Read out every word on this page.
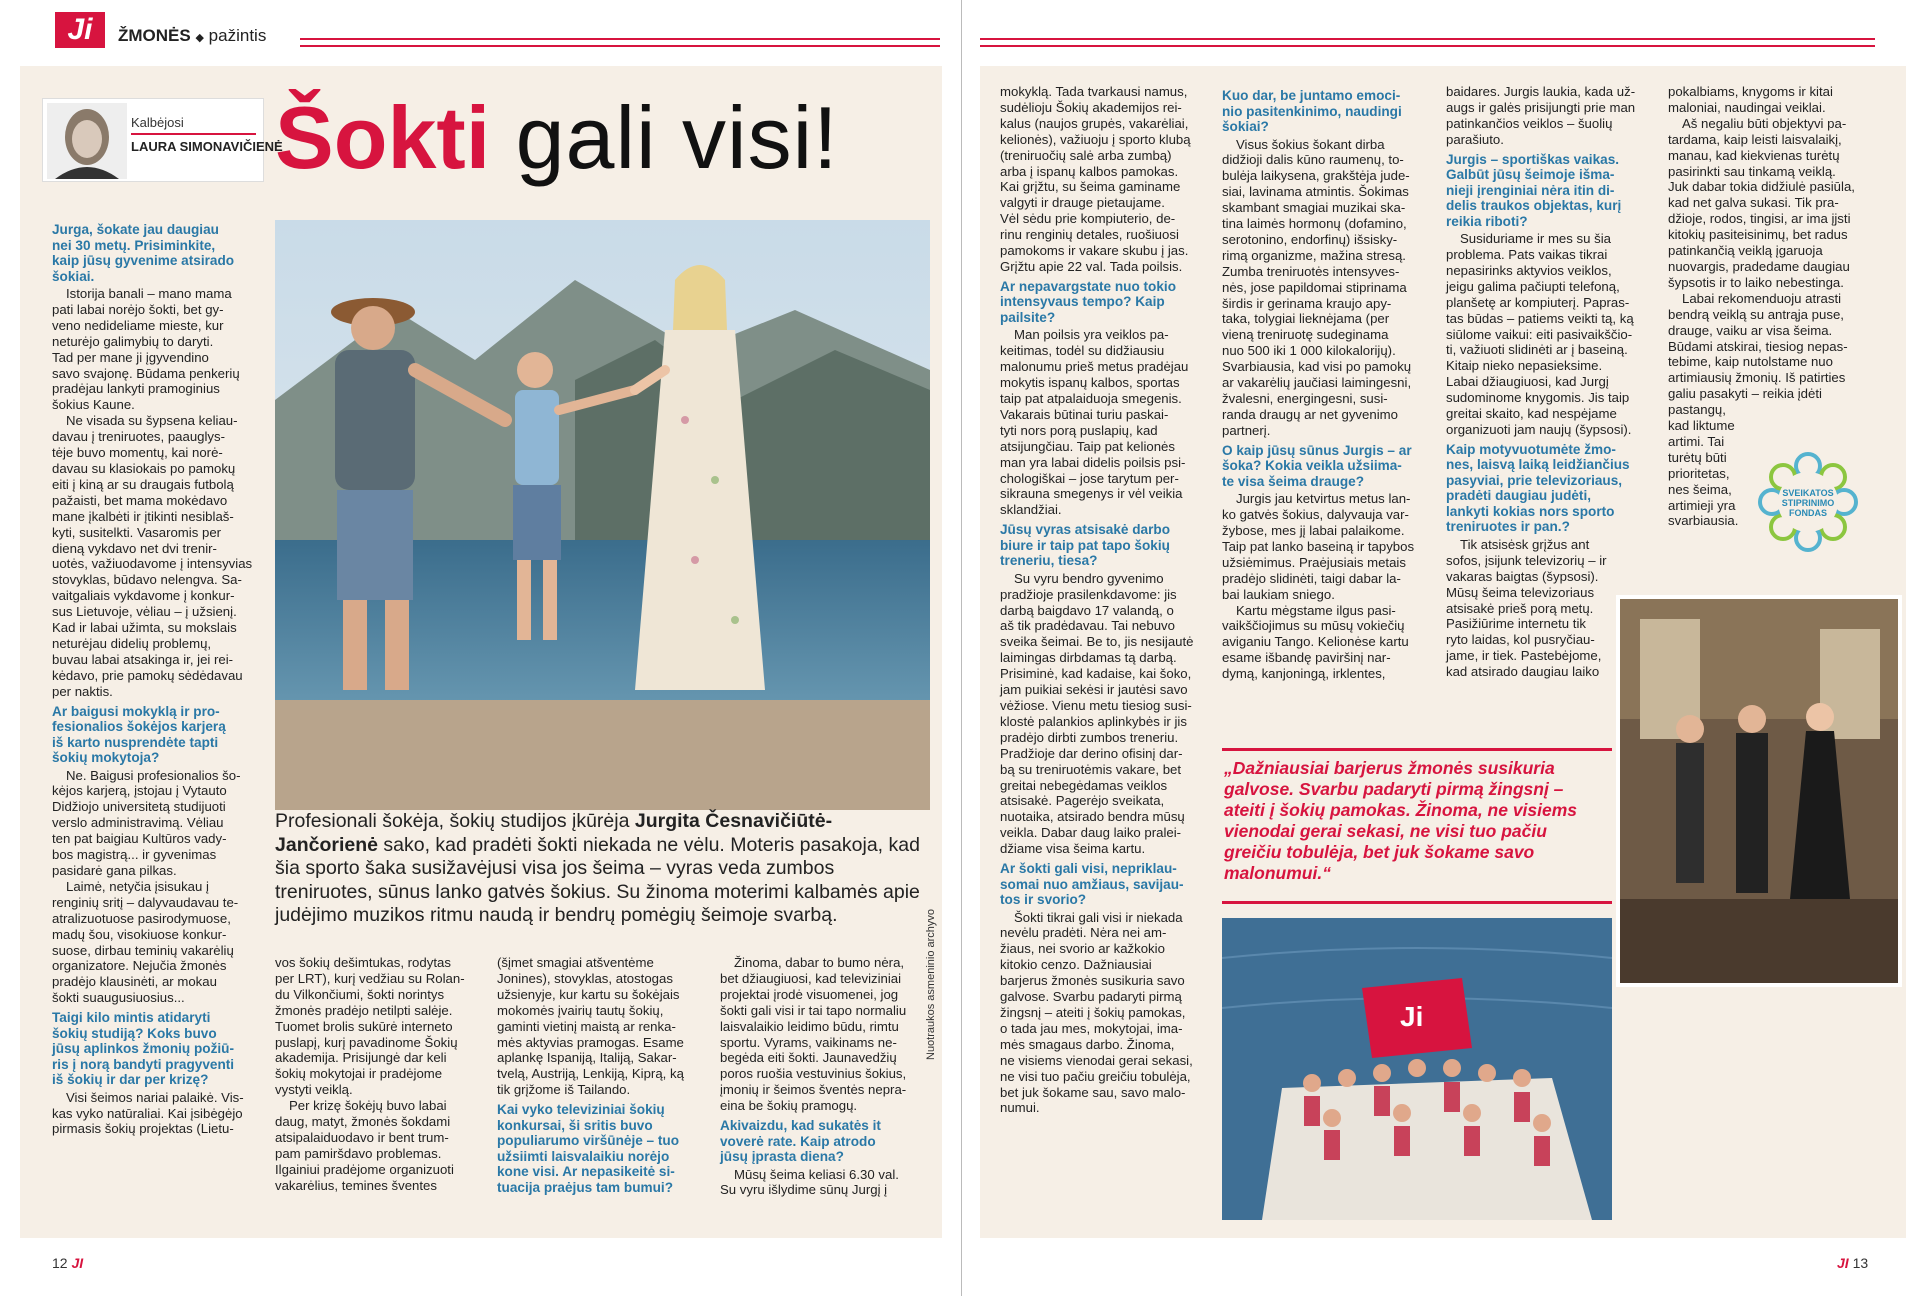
Ji	ŽMONĖS ◆ pažintis
Kalbėjosi
LAURA SIMONAVIČIENĖ
Šokti gali visi!
Profesionali šokėja, šokių studijos įkūrėja Jurgita Česnavičiūtė-Jančorienė sako, kad pradėti šokti niekada ne vėlu. Moteris pasakoja, kad šia sporto šaka susižavėjusi visa jos šeima – vyras veda zumbos treniruotes, sūnus lanko gatvės šokius. Su žinoma moterimi kalbamės apie judėjimo muzikos ritmu naudą ir bendrų pomėgių šeimoje svarbą.
Jurga, šokate jau daugiau
nei 30 metų. Prisiminkite,
kaip jūsų gyvenime atsirado
šokiai.

Istorija banali – mano mama
pati labai norėjo šokti, bet gy-
veno nedideliame mieste, kur
neturėjo galimybių to daryti.
Tad per mane ji įgyvendino
savo svajonę. Būdama penkerių
pradėjau lankyti pramoginius
šokius Kaune.

Ne visada su šypsena keliau-
davau į treniruotes, paauglys-
tėje buvo momentų, kai norė-
davau su klasiokais po pamokų
eiti į kiną ar su draugais futbolą
pažaisti, bet mama mokėdavo
mane įkalbėti ir įtikinti nesiblaš-
kyti, susitelkti. Vasaromis per
dieną vykdavo net dvi trenir-
uotės, važiuodavome į intensyvias
stovyklas, būdavo nelengva. Sa-
vaitgaliais vykdavome į konkur-
sus Lietuvoje, vėliau – į užsienį.
Kad ir labai užimta, su mokslais
neturėjau didelių problemų,
buvau labai atsakinga ir, jei rei-
kėdavo, prie pamokų sėdėdavau
per naktis.

Ar baigusi mokyklą ir pro-
fesionalios šokėjos karjerą
iš karto nusprendėte tapti
šokių mokytoja?

Ne. Baigusi profesionalios šo-
kėjos karjerą, įstojau į Vytauto
Didžiojo universitetą studijuoti
verslo administravimą. Vėliau
ten pat baigiau Kultūros vady-
bos magistrą... ir gyvenimas
pasidarė gana pilkas.

Laimė, netyčia įsisukau į
renginių sritį – dalyvaudavau te-
atralizuotuose pasirodymuose,
madų šou, visokiuose konkur-
suose, dirbau teminių vakarėlių
organizatore. Nejučia žmonės
pradėjo klausinėti, ar mokau
šokti suaugusiuosius...

Taigi kilo mintis atidaryti
šokių studiją? Koks buvo
jūsų aplinkos žmonių požiū-
ris į norą bandyti pragyventi
iš šokių ir dar per krizę?

Visi šeimos nariai palaikė. Vis-
kas vyko natūraliai. Kai įsibėgėjo
pirmasis šokių projektas (Lietu-

vos šokių dešimtukas, rodytas
per LRT), kurį vedžiau su Rolan-
du Vilkončiumi, šokti norintys
žmonės pradėjo netilpti salėje.
Tuomet brolis sukūrė interneto
puslapį, kurį pavadinome Šokių
akademija. Prisijungė dar keli
šokių mokytojai ir pradėjome
vystyti veiklą.

Per krizę šokėjų buvo labai
daug, matyt, žmonės šokdami
atsipalaiduodavo ir bent trum-
pam pamiršdavo problemas.
Ilgainiui pradėjome organizuoti
vakarėlius, temines šventes

(šįmet smagiai atšventėme
Jonines), stovyklas, atostogas
užsienyje, kur kartu su šokėjais
mokomės įvairių tautų šokių,
gaminti vietinį maistą ar renka-
mės aktyvias pramogas. Esame
aplankę Ispaniją, Italiją, Sakar-
tvelą, Austriją, Lenkiją, Kiprą, ką
tik grįžome iš Tailando.
Kai vyko televiziniai šokių
konkursai, ši sritis buvo
populiarumo viršūnėje – tuo
užsiimti laisvalaikiu norėjo
kone visi. Ar nepasikeitė si-
tuacija praėjus tam bumui?

Žinoma, dabar to bumo nėra,
bet džiaugiuosi, kad televiziniai
projektai įrodė visuomenei, jog
šokti gali visi ir tai tapo normaliu
laisvalaikio leidimo būdu, rimtu
sportu. Vyrams, vaikinams ne-
begėda eiti šokti. Jaunavedžių
poros ruošia vestuvinius šokius,
įmonių ir šeimos šventės nepra-
eina be šokių pramogų.

Akivaizdu, kad sukatės it
voverė rate. Kaip atrodo
jūsų įprasta diena?

Mūsų šeima keliasi 6.30 val.
Su vyru išlydime sūnų Jurgį į

Nuotraukos asmeninio archyvo
mokyklą. Tada tvarkausi namus,
sudėlioju Šokių akademijos rei-
kalus (naujos grupės, vakarėliai,
kelionės), važiuoju į sporto klubą
(treniruočių salė arba zumbą)
arba į ispanų kalbos pamokas.
Kai grįžtu, su šeima gaminame
valgyti ir drauge pietaujame.
Vėl sėdu prie kompiuterio, de-
rinu renginių detales, ruošiuosi
pamokoms ir vakare skubu į jas.
Grįžtu apie 22 val. Tada poilsis.
Ar nepavargstate nuo tokio
intensyvaus tempo? Kaip
pailsite?

Man poilsis yra veiklos pa-
keitimas, todėl su didžiausiu
malonumu prieš metus pradėjau
mokytis ispanų kalbos, sportas
taip pat atpalaiduoja smegenis.
Vakarais būtinai turiu paskai-
tyti nors porą puslapių, kad
atsijungčiau. Taip pat kelionės
man yra labai didelis poilsis psi-
chologiškai – jose tarytum per-
sikrauna smegenys ir vėl veikia
sklandžiai.

Jūsų vyras atsisakė darbo
biure ir taip pat tapo šokių
treneriu, tiesa?

Su vyru bendro gyvenimo
pradžioje prasilenkdavome: jis
darbą baigdavo 17 valandą, o
aš tik pradėdavau. Tai nebuvo
sveika šeimai. Be to, jis nesijautė
laimingas dirbdamas tą darbą.
Prisiminė, kad kadaise, kai šoko,
jam puikiai sekėsi ir jautėsi savo
vėžiose. Vienu metu tiesiog susi-
klostė palankios aplinkybės ir jis
pradėjo dirbti zumbos treneriu.
Pradžioje dar derino ofisinį dar-
bą su treniruotėmis vakare, bet
greitai nebegėdamas veiklos
atsisakė. Pagerėjo sveikata,
nuotaika, atsirado bendra mūsų
veikla. Dabar daug laiko pralei-
džiame visa šeima kartu.

Ar šokti gali visi, nepriklau-
somai nuo amžiaus, savijau-
tos ir svorio?

Šokti tikrai gali visi ir niekada
nevėlu pradėti. Nėra nei am-
žiaus, nei svorio ar kažkokio
kitokio cenzo. Dažniausiai
barjerus žmonės susikuria savo
galvose. Svarbu padaryti pirmą
žingsnį – ateiti į šokių pamokas,
o tada jau mes, mokytojai, ima-
mės smagaus darbo. Žinoma,
ne visiems vienodai gerai sekasi,
ne visi tuo pačiu greičiu tobulėja,
bet juk šokame sau, savo malo-
numui.

Kuo dar, be juntamo emoci-
nio pasitenkinimo, naudingi
šokiai?

Visus šokius šokant dirba
didžioji dalis kūno raumenų, to-
bulėja laikysena, grakštėja jude-
siai, lavinama atmintis. Šokimas
skambant smagiai muzikai ska-
tina laimės hormonų (dofamino,
serotonino, endorfinų) išsisky-
rimą organizme, mažina stresą.
Zumba treniruotės intensyves-
nės, jose papildomai stiprinama
širdis ir gerinama kraujo apy-
taka, tolygiai lieknėjama (per
vieną treniruotę sudeginama
nuo 500 iki 1 000 kilokalorijų).
Svarbiausia, kad visi po pamokų
ar vakarėlių jaučiasi laimingesni,
žvalesni, energingesni, susi-
randa draugų ar net gyvenimo
partnerį.

O kaip jūsų sūnus Jurgis – ar
šoka? Kokia veikla užsiima-
te visa šeima drauge?

Jurgis jau ketvirtus metus lan-
ko gatvės šokius, dalyvauja var-
žybose, mes jį labai palaikome.
Taip pat lanko baseiną ir tapybos
užsiėmimus. Praėjusiais metais
pradėjo slidinėti, taigi dabar la-
bai laukiam sniego.

Kartu mėgstame ilgus pasi-
vaikščiojimus su mūsų vokiečių
aviganiu Tango. Kelionėse kartu
esame išbandę paviršinį nar-
dymą, kanjoningą, irklentes,

baidares. Jurgis laukia, kada už-
augs ir galės prisijungti prie man
patinkančios veiklos – šuolių
parašiuto.
Jurgis – sportiškas vaikas.
Galbūt jūsų šeimoje išma-
nieji įrenginiai nėra itin di-
delis traukos objektas, kurį
reikia riboti?

Susiduriame ir mes su šia
problema. Pats vaikas tikrai
nepasirinks aktyvios veiklos,
jeigu galima pačiupti telefoną,
planšetę ar kompiuterį. Papras-
tas būdas – patiems veikti tą, ką
siūlome vaikui: eiti pasivaikščio-
ti, važiuoti slidinėti ar į baseiną.
Kitaip nieko nepasieksime.
Labai džiaugiuosi, kad Jurgį
sudominome knygomis. Jis taip
greitai skaito, kad nespėjame
organizuoti jam naujų (šypsosi).

Kaip motyvuotumėte žmo-
nes, laisvą laiką leidžiančius
pasyviai, prie televizoriaus,
pradėti daugiau judėti,
lankyti kokias nors sporto
treniruotes ir pan.?

Tik atsisėsk grįžus ant
sofos, įsijunk televizorių – ir
vakaras baigtas (šypsosi).
Mūsų šeima televizoriaus
atsisakė prieš porą metų.
Pasižiūrime internetu tik
ryto laidas, kol pusryčiau-
jame, ir tiek. Pastebėjome,
kad atsirado daugiau laiko

pokalbiams, knygoms ir kitai
maloniai, naudingai veiklai.

Aš negaliu būti objektyvi pa-
tardama, kaip leisti laisvalaikį,
manau, kad kiekvienas turėtų
pasirinkti sau tinkamą veiklą.
Juk dabar tokia didžiulė pasiūla,
kad net galva sukasi. Tik pra-
džioje, rodos, tingisi, ar ima įjsti
kitokių pasiteisinimų, bet radus
patinkančią veiklą įgaruoja
nuovargis, pradedame daugiau
šypsotis ir to laiko nebestinga.

Labai rekomenduoju atrasti
bendrą veiklą su antrąja puse,
drauge, vaiku ar visa šeima.
Būdami atskirai, tiesiog nepas-
tebime, kaip nutolstame nuo
artimiausių žmonių. Iš patirties
galiu pasakyti – reikia įdėti
pastangų,

kad liktume
artimi. Tai
turėtų būti
prioritetas,
nes šeima,
artimieji yra
svarbiausia.
SVEIKATOS
STIPRINIMO
FONDAS
„Dažniausiai barjerus žmonės susikuria galvose. Svarbu padaryti pirmą žingsnį – ateiti į šokių pamokas. Žinoma, ne visiems vienodai gerai sekasi, ne visi tuo pačiu greičiu tobulėja, bet juk šokame savo malonumui.“
Ji
12 JI	JI 13
